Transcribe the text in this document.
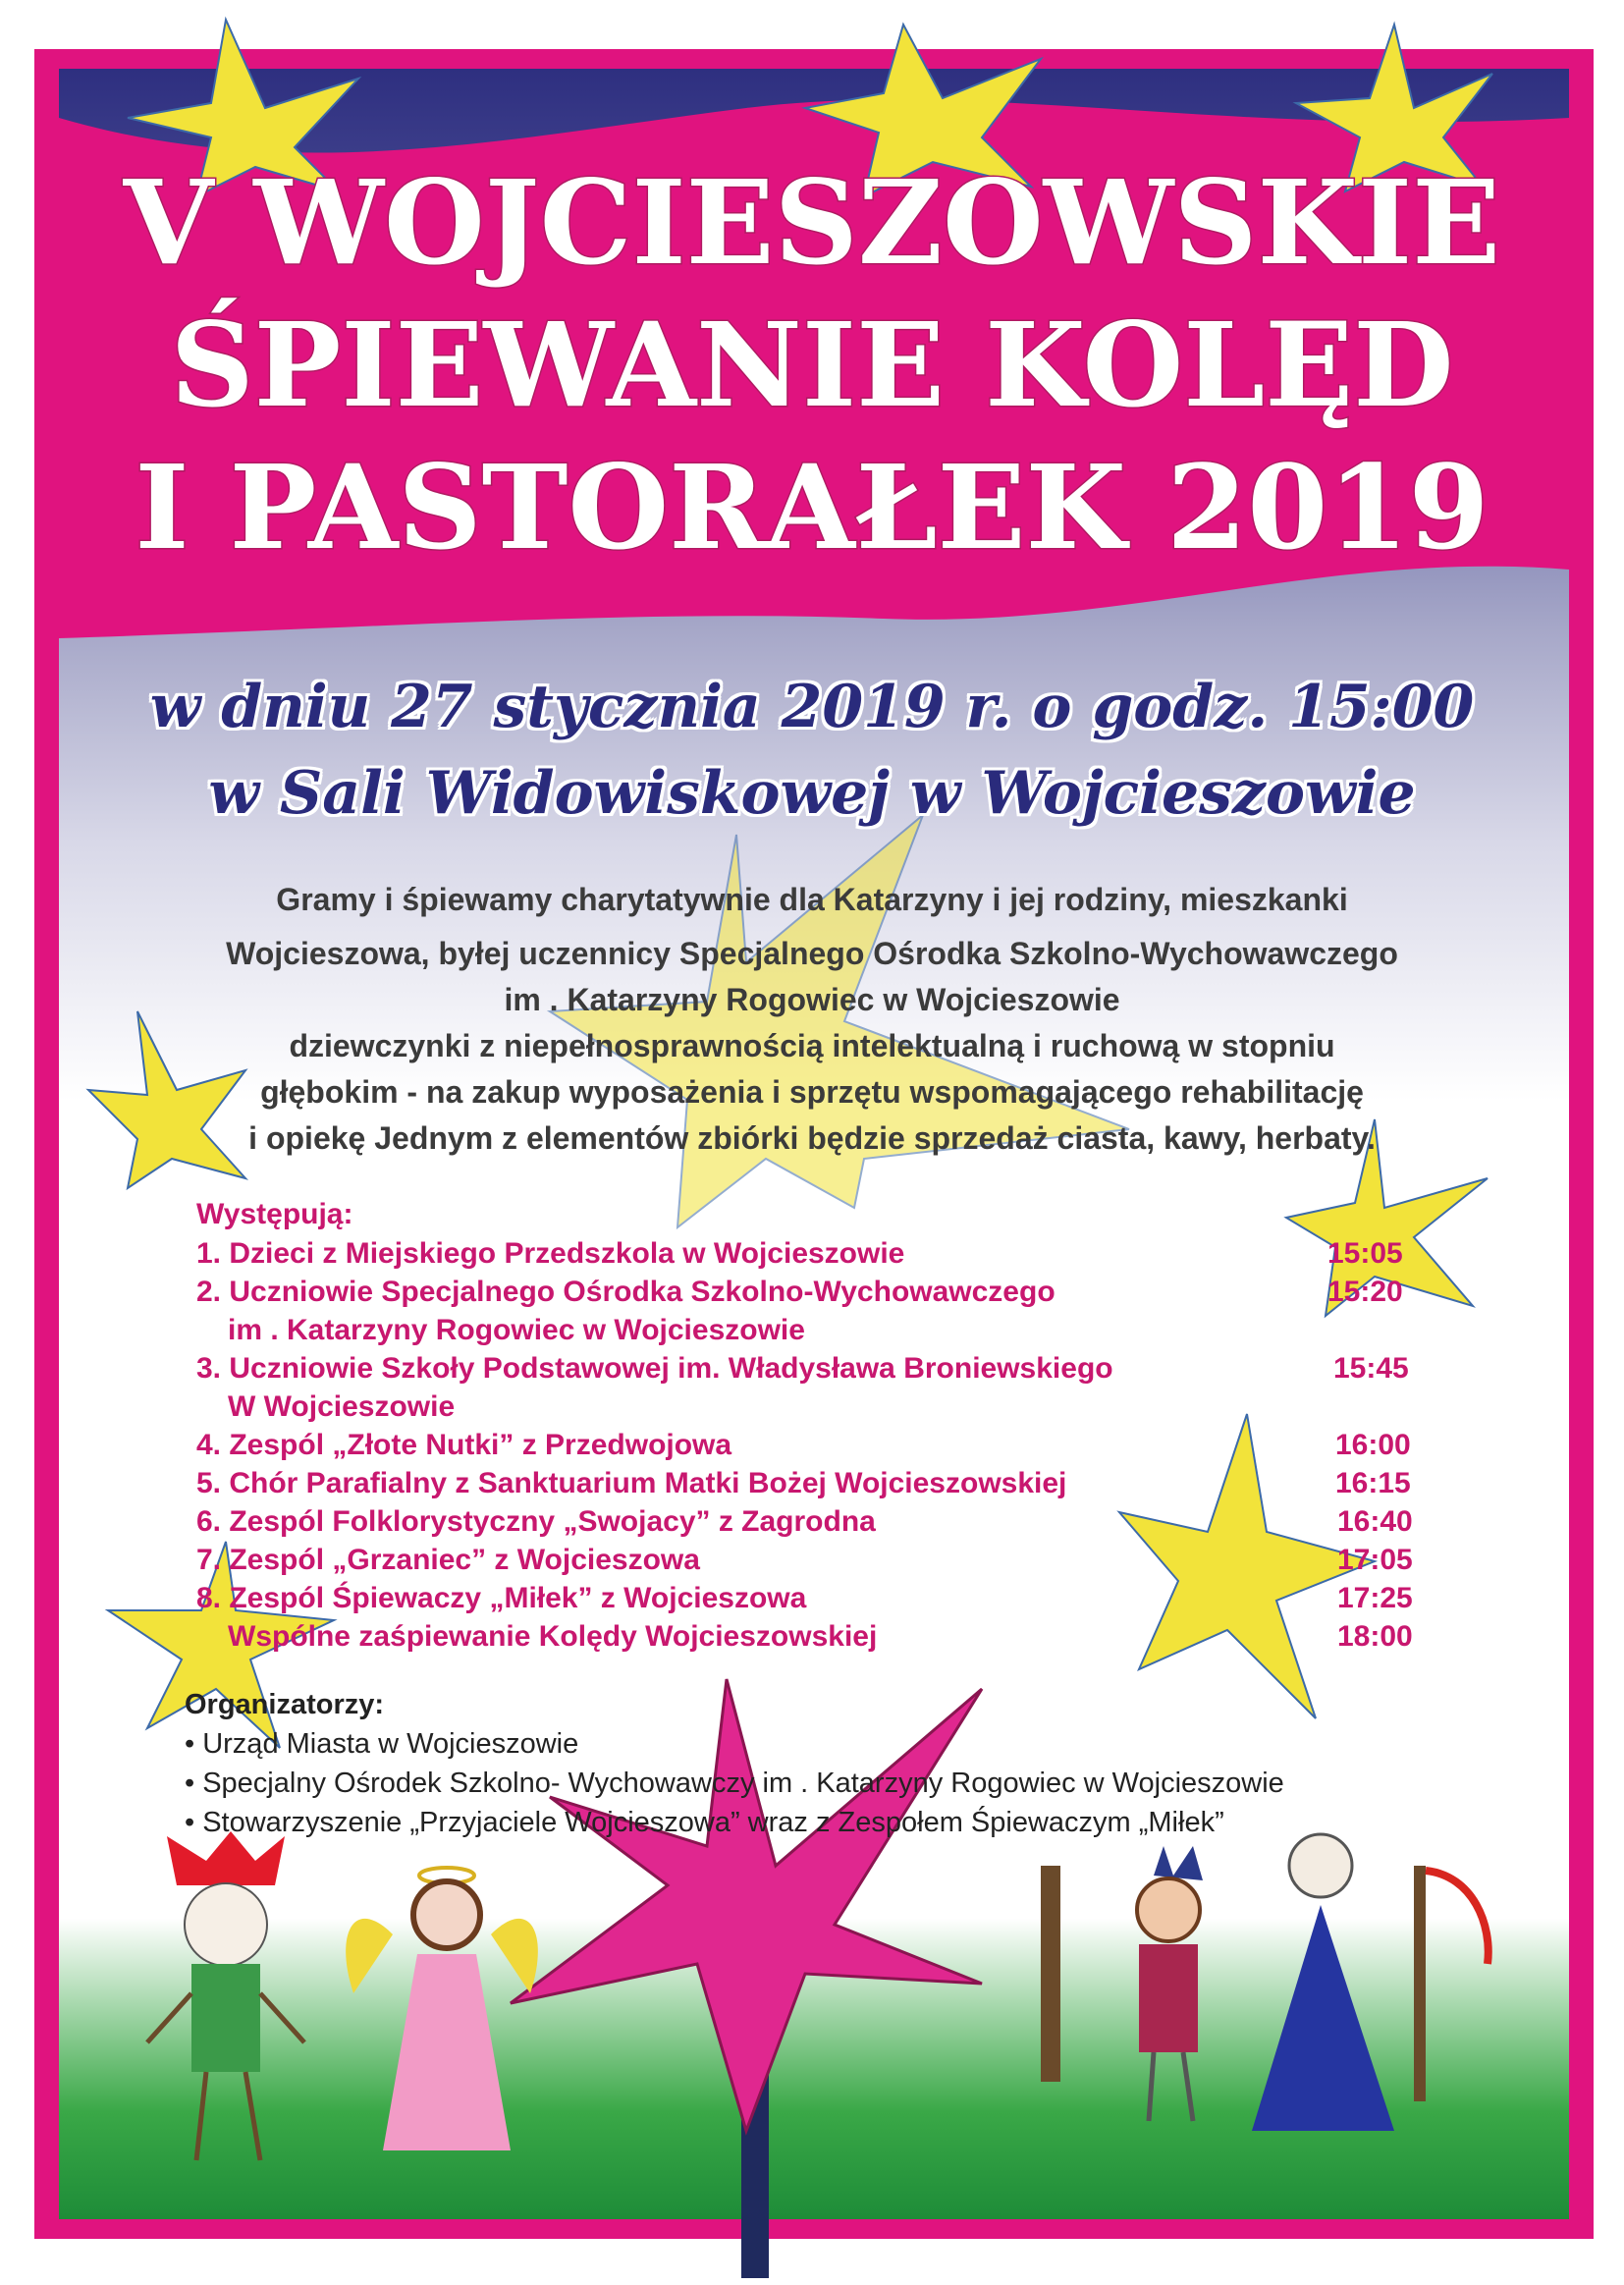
V WOJCIESZOWSKIE
ŚPIEWANIE KOLĘD
I PASTORAŁEK 2019
w dniu 27 stycznia 2019 r. o godz. 15:00
w Sali Widowiskowej w Wojcieszowie
Gramy i śpiewamy charytatywnie dla Katarzyny i jej rodziny, mieszkanki
Wojcieszowa, byłej uczennicy Specjalnego Ośrodka Szkolno-Wychowawczego
im . Katarzyny Rogowiec w Wojcieszowie
dziewczynki z niepełnosprawnością intelektualną i ruchową w stopniu
głębokim - na zakup wyposażenia i sprzętu wspomagającego rehabilitację
i opiekę Jednym z elementów zbiórki będzie sprzedaż ciasta, kawy, herbaty.
Występują:
1. Dzieci z Miejskiego Przedszkola w Wojcieszowie	15:05
2. Uczniowie Specjalnego Ośrodka Szkolno-Wychowawczego
im . Katarzyny Rogowiec w Wojcieszowie
15:20
3. Uczniowie Szkoły Podstawowej im. Władysława Broniewskiego
W Wojcieszowie
15:45
4. Zespól „Złote Nutki” z Przedwojowa	16:00
5. Chór Parafialny z Sanktuarium Matki Bożej Wojcieszowskiej	16:15
6. Zespól Folklorystyczny „Swojacy” z Zagrodna	16:40
7. Zespól „Grzaniec” z Wojcieszowa	17:05
8. Zespól Śpiewaczy „Miłek” z Wojcieszowa	17:25
Wspólne zaśpiewanie Kolędy Wojcieszowskiej	18:00
Organizatorzy:
• Urząd Miasta w Wojcieszowie
• Specjalny Ośrodek Szkolno- Wychowawczy im . Katarzyny Rogowiec w Wojcieszowie
• Stowarzyszenie „Przyjaciele Wojcieszowa” wraz z Zespołem Śpiewaczym „Miłek”
